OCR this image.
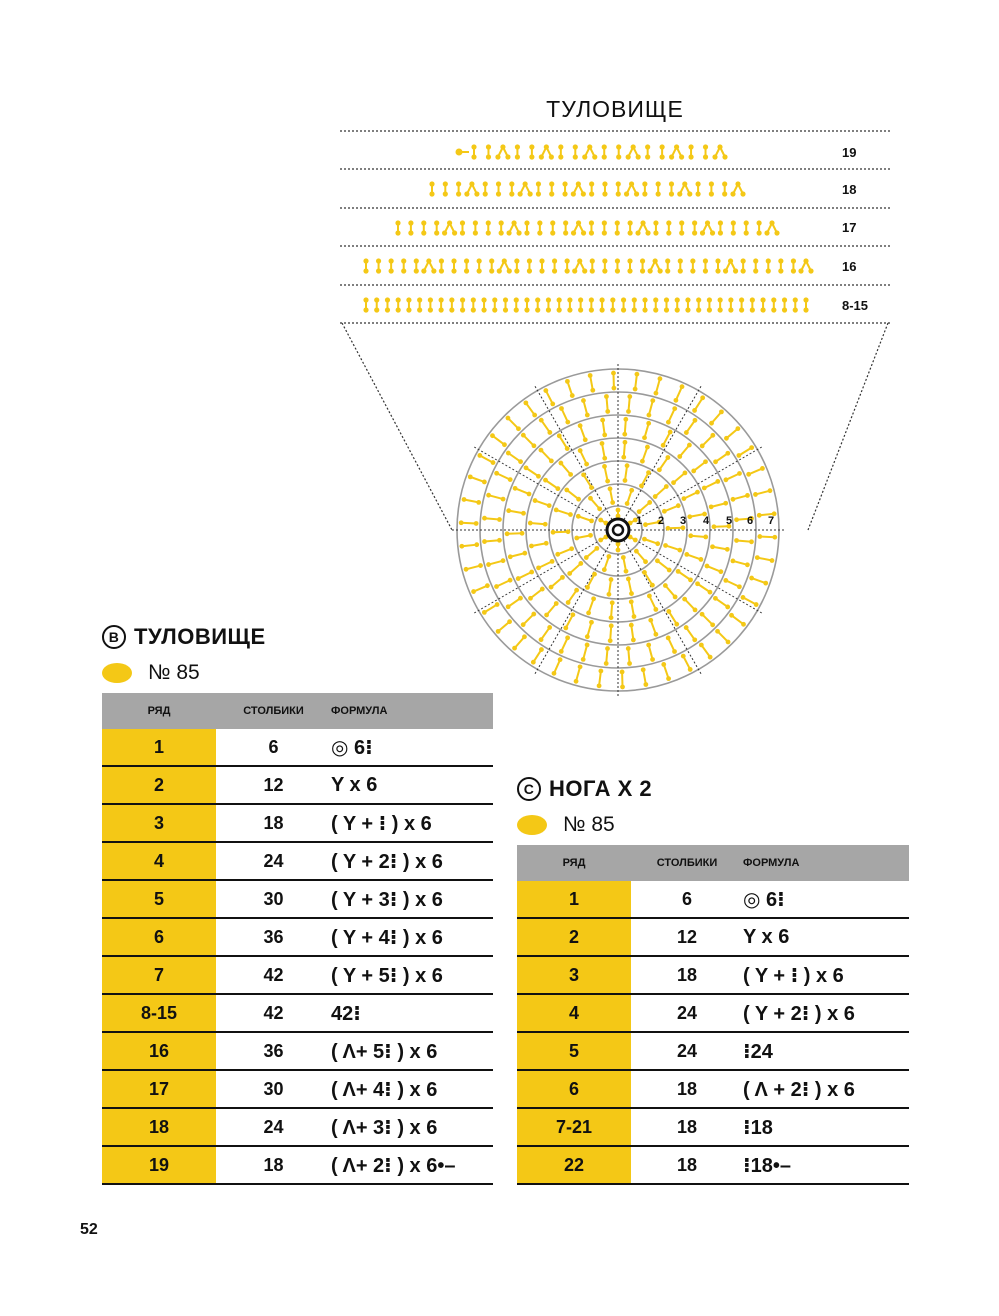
ТУЛОВИЩЕ
19
18
17
16
8-15
1 2 3 4 5 6 7
B ТУЛОВИЩЕ
№ 85
РЯД	СТОЛБИКИ	ФОРМУЛА
1	6	◎ 6⁝
2	12	Y x 6
3	18	( Y + ⁝ ) x 6
4	24	( Y + 2⁝ ) x 6
5	30	( Y + 3⁝ ) x 6
6	36	( Y + 4⁝ ) x 6
7	42	( Y + 5⁝ ) x 6
8-15	42	42⁝
16	36	( Λ+ 5⁝ ) x 6
17	30	( Λ+ 4⁝ ) x 6
18	24	( Λ+ 3⁝ ) x 6
19	18	( Λ+ 2⁝ ) x 6•–
C НОГА Х 2
№ 85
РЯД	СТОЛБИКИ	ФОРМУЛА
1	6	◎ 6⁝
2	12	Y x 6
3	18	( Y + ⁝ ) x 6
4	24	( Y + 2⁝ ) x 6
5	24	⁝24
6	18	( Λ + 2⁝ ) x 6
7-21	18	⁝18
22	18	⁝18•–
52
